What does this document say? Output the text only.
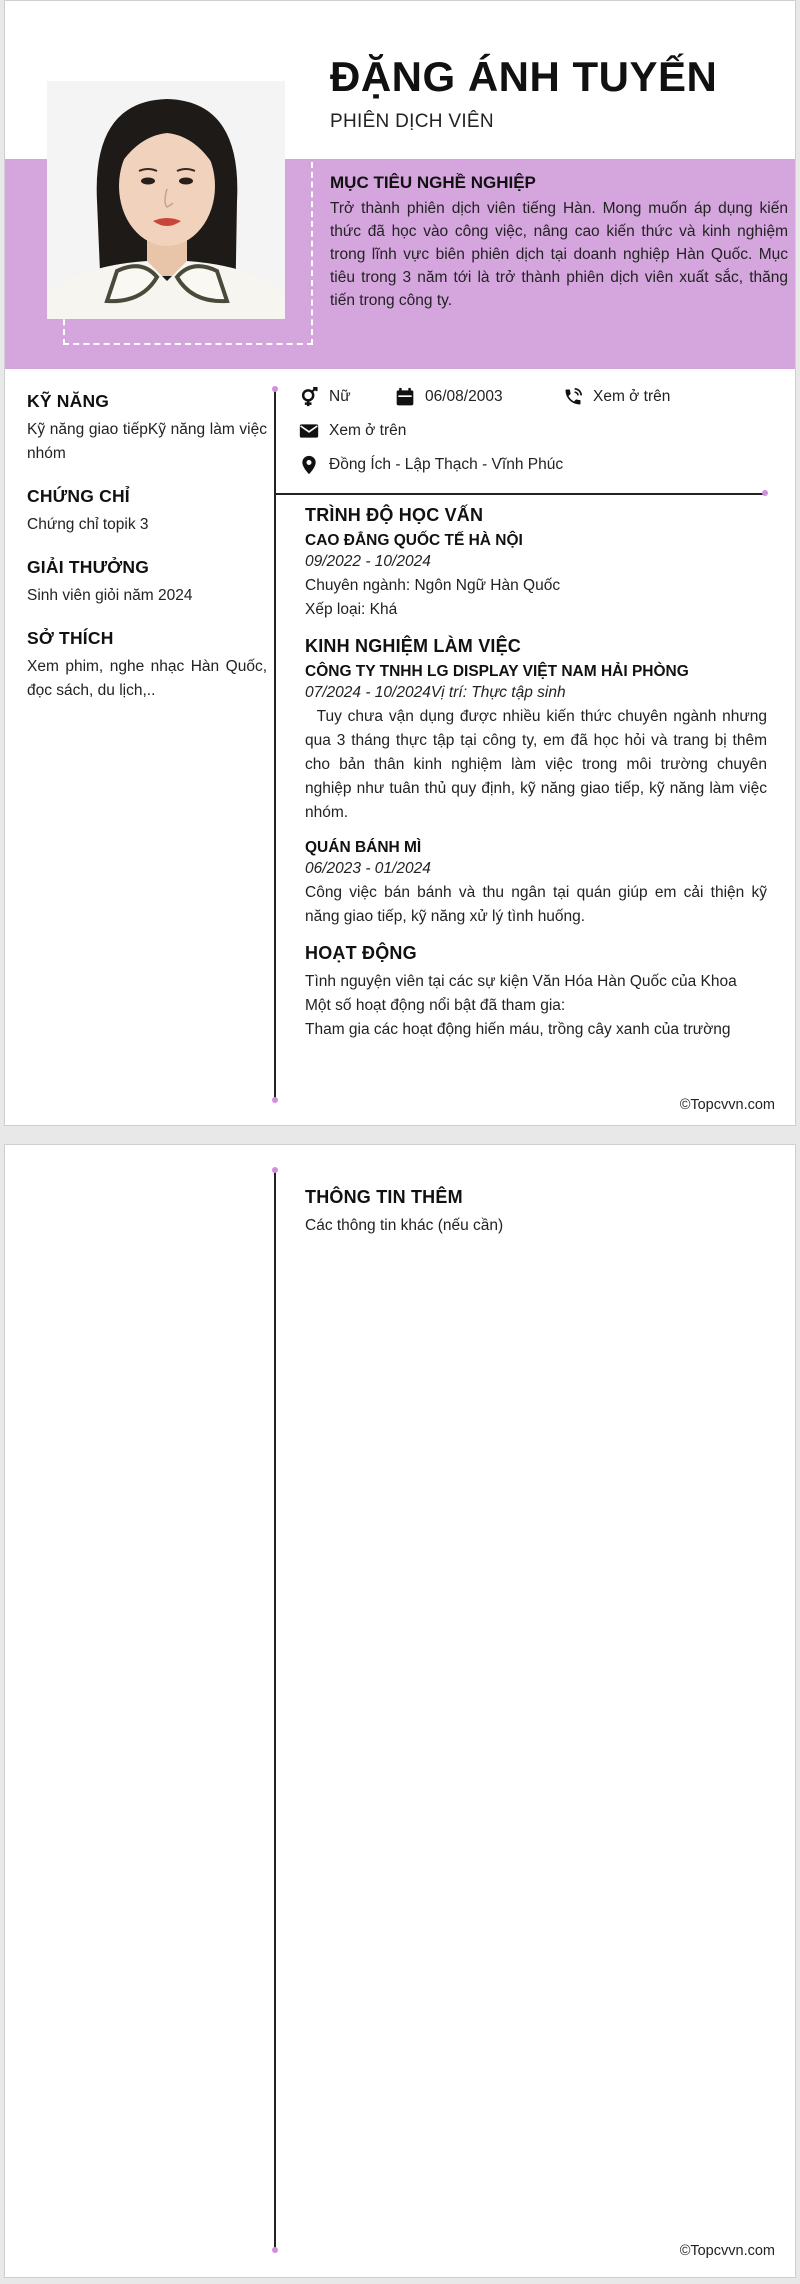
ĐẶNG ÁNH TUYẾN
PHIÊN DỊCH VIÊN
MỤC TIÊU NGHỀ NGHIỆP

Trở thành phiên dịch viên tiếng Hàn. Mong muốn áp dụng kiến thức đã học vào công việc, nâng cao kiến thức và kinh nghiệm trong lĩnh vực biên phiên dịch tại doanh nghiệp Hàn Quốc. Mục tiêu trong 3 năm tới là trở thành phiên dịch viên xuất sắc, thăng tiến trong công ty.

KỸ NĂNG

Kỹ năng giao tiếpKỹ năng làm việc nhóm

CHỨNG CHỈ

Chứng chỉ topik 3

GIẢI THƯỞNG

Sinh viên giỏi năm 2024

SỞ THÍCH

Xem phim, nghe nhạc Hàn Quốc, đọc sách, du lịch,..

Nữ	06/08/2003	Xem ở trên
Xem ở trên
Đồng Ích - Lập Thạch - Vĩnh Phúc
TRÌNH ĐỘ HỌC VẤN
CAO ĐẲNG QUỐC TẾ HÀ NỘI
09/2022 - 10/2024
Chuyên ngành: Ngôn Ngữ Hàn Quốc
Xếp loại: Khá
KINH NGHIỆM LÀM VIỆC
CÔNG TY TNHH LG DISPLAY VIỆT NAM HẢI PHÒNG
07/2024 - 10/2024Vị trí: Thực tập sinh
Tuy chưa vận dụng được nhiều kiến thức chuyên ngành nhưng qua 3 tháng thực tập tại công ty, em đã học hỏi và trang bị thêm cho bản thân kinh nghiệm làm việc trong môi trường chuyên nghiệp như tuân thủ quy định, kỹ năng giao tiếp, kỹ năng làm việc nhóm.
QUÁN BÁNH MÌ
06/2023 - 01/2024
Công việc bán bánh và thu ngân tại quán giúp em cải thiện kỹ năng giao tiếp, kỹ năng xử lý tình huống.
HOẠT ĐỘNG
Tình nguyện viên tại các sự kiện Văn Hóa Hàn Quốc của Khoa
Một số hoạt động nổi bật đã tham gia:
Tham gia các hoạt động hiến máu, trồng cây xanh của trường
©Topcvvn.com
THÔNG TIN THÊM
Các thông tin khác (nếu cần)
©Topcvvn.com
